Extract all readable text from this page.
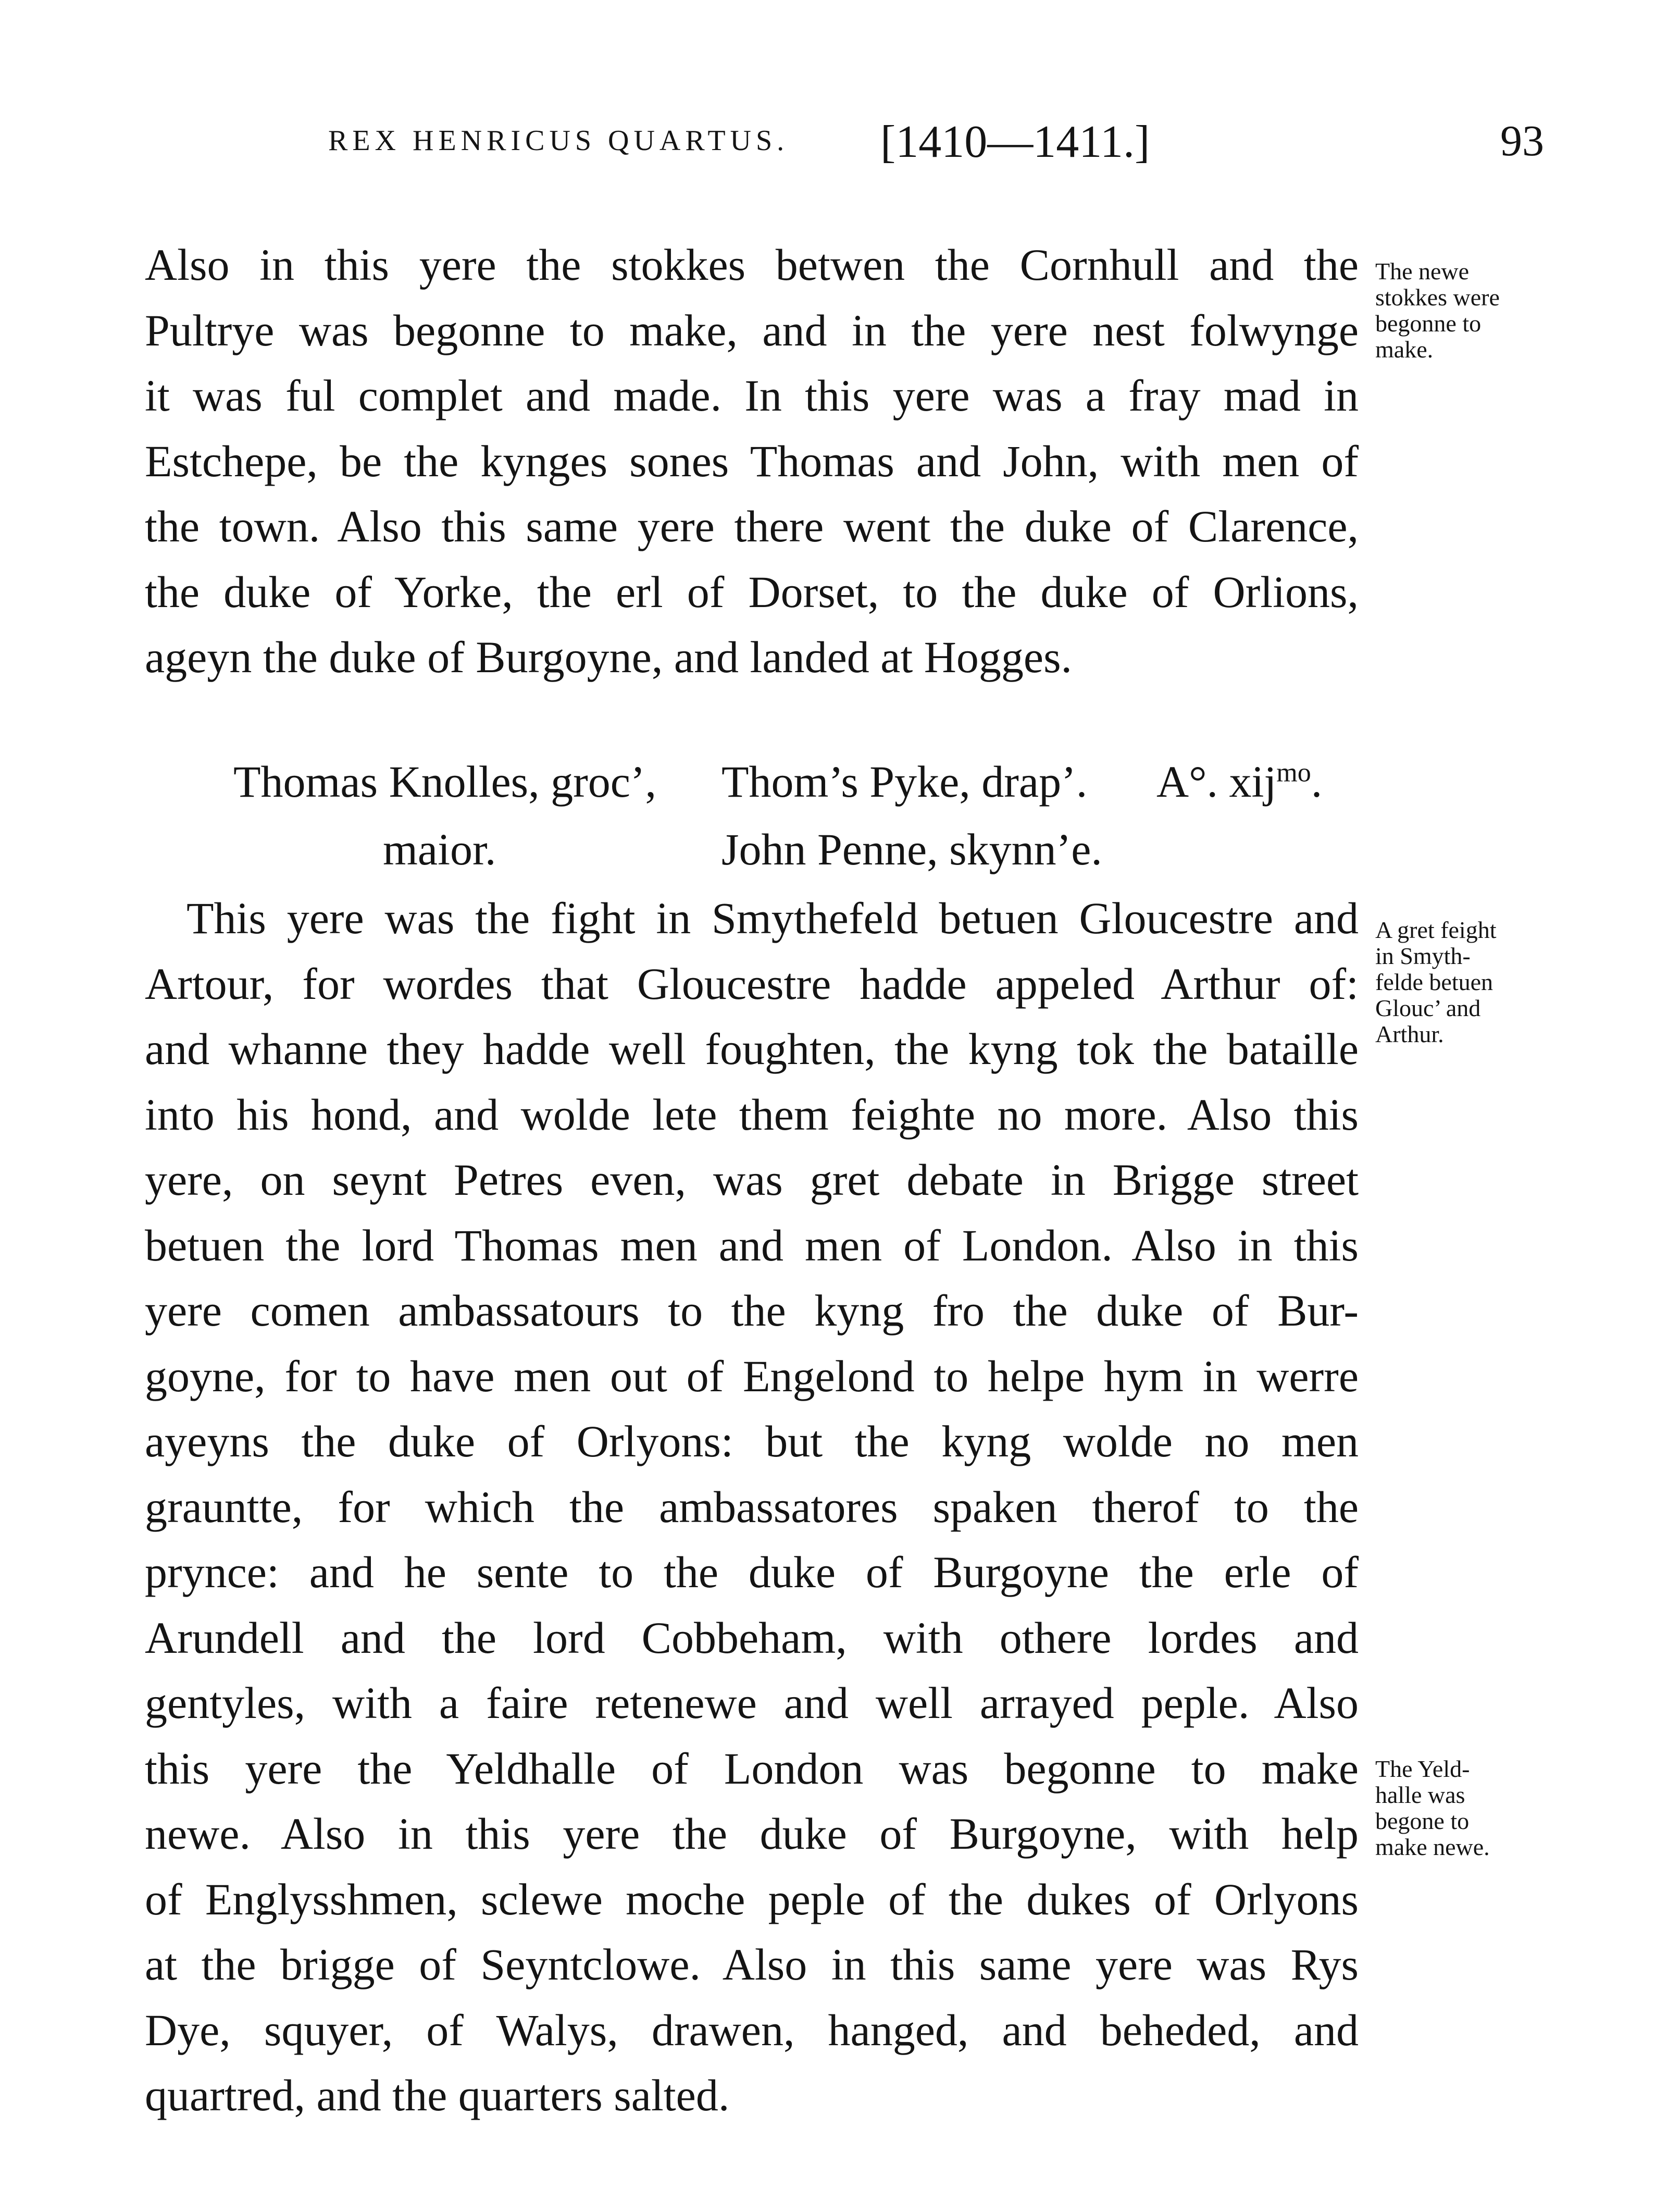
REX HENRICUS QUARTUS. [1410—1411.]	93
Also in this yere the stokkes betwen the Cornhull and the
Pultrye was begonne to make, and in the yere nest folwynge
it was ful complet and made. In this yere was a fray mad in
Estchepe, be the kynges sones Thomas and John, with men of
the town. Also this same yere there went the duke of Clarence,
the duke of Yorke, the erl of Dorset, to the duke of Orlions,
ageyn the duke of Burgoyne, and landed at Hogges.
Thomas Knolles, groc’,
maior.
Thom’s Pyke, drap’.
John Penne, skynn’e.
A°. xij$^{mo}$.
This yere was the fight in Smythefeld betuen Gloucestre and
Artour, for wordes that Gloucestre hadde appeled Arthur of:
and whanne they hadde well foughten, the kyng tok the bataille
into his hond, and wolde lete them feighte no more. Also this
yere, on seynt Petres even, was gret debate in Brigge street
betuen the lord Thomas men and men of London. Also in this
yere comen ambassatours to the kyng fro the duke of Bur-
goyne, for to have men out of Engelond to helpe hym in werre
ayeyns the duke of Orlyons: but the kyng wolde no men
grauntte, for which the ambassatores spaken therof to the
prynce: and he sente to the duke of Burgoyne the erle of
Arundell and the lord Cobbeham, with othere lordes and
gentyles, with a faire retenewe and well arrayed peple. Also
this yere the Yeldhalle of London was begonne to make
newe. Also in this yere the duke of Burgoyne, with help
of Englysshmen, sclewe moche peple of the dukes of Orlyons
at the brigge of Seyntclowe. Also in this same yere was Rys
Dye, squyer, of Walys, drawen, hanged, and beheded, and
quartred, and the quarters salted.
The newe
stokkes were
begonne to
make.
A gret feight
in Smyth-
felde betuen
Glouc’ and
Arthur.
The Yeld-
halle was
begone to
make newe.
